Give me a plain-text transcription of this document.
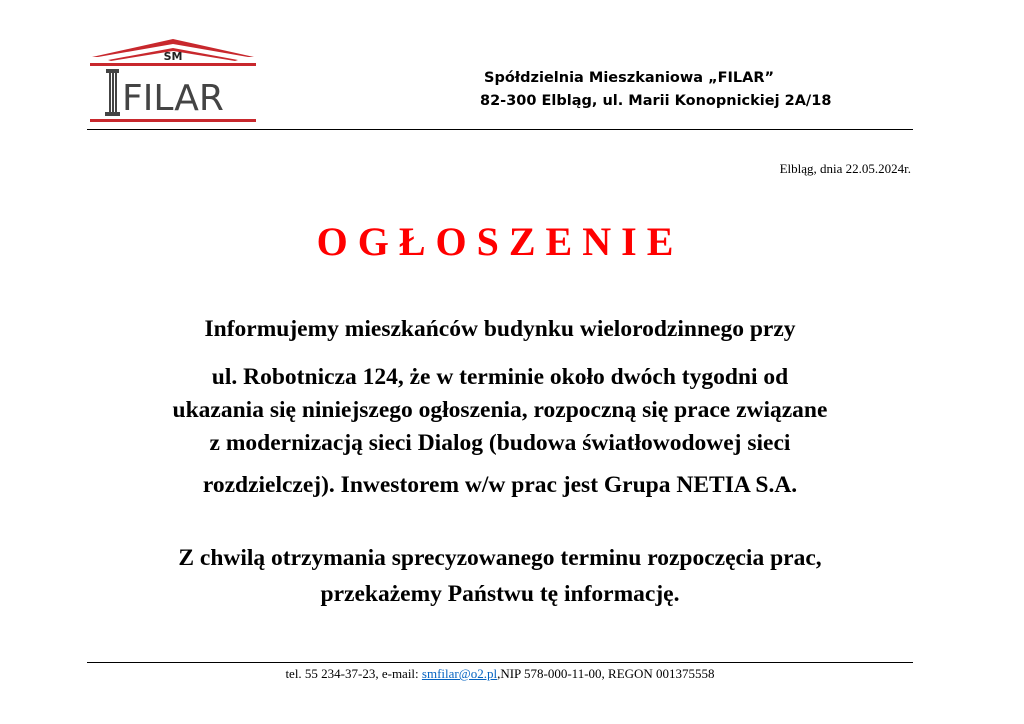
SM
FILAR	Spółdzielnia Mieszkaniowa „FILAR”
82-300 Elbląg, ul. Marii Konopnickiej 2A/18
Elbląg, dnia 22.05.2024r.
OGŁOSZENIE
Informujemy mieszkańców budynku wielorodzinnego przy
ul. Robotnicza 124, że w terminie około dwóch tygodni od
ukazania się niniejszego ogłoszenia, rozpoczną się prace związane
z modernizacją sieci Dialog (budowa światłowodowej sieci
rozdzielczej). Inwestorem w/w prac jest Grupa NETIA S.A.
Z chwilą otrzymania sprecyzowanego terminu rozpoczęcia prac,
przekażemy Państwu tę informację.
tel. 55 234-37-23, e-mail: smfilar@o2.pl,NIP 578-000-11-00, REGON 001375558
